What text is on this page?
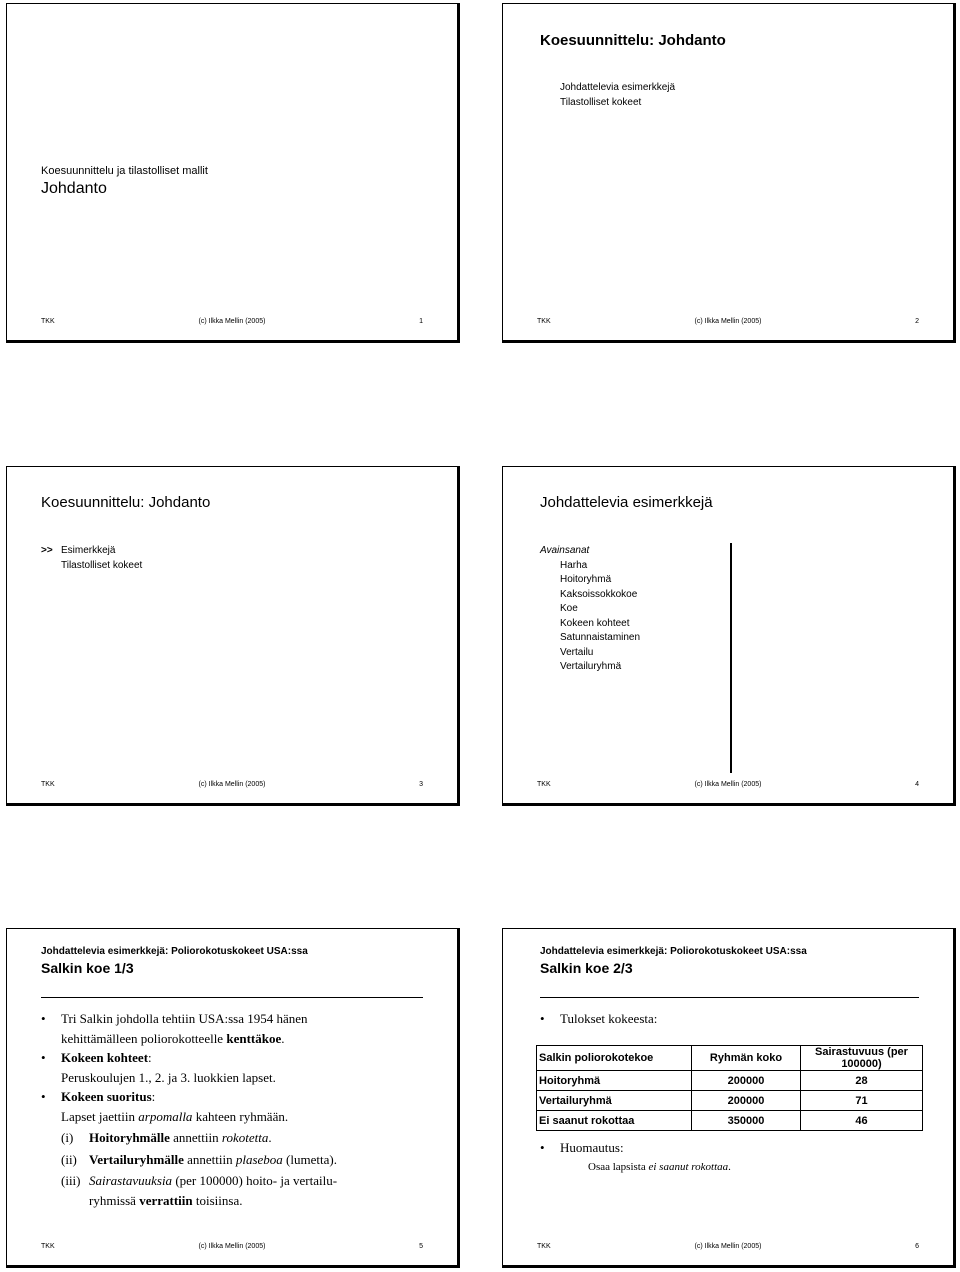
Koesuunnittelu ja tilastolliset mallit
Johdanto
TKK	(c) Ilkka Mellin (2005)	1
Koesuunnittelu: Johdanto
Johdattelevia esimerkkejä
Tilastolliset kokeet
TKK	(c) Ilkka Mellin (2005)	2
Koesuunnittelu: Johdanto
>> Esimerkkejä
Tilastolliset kokeet
TKK	(c) Ilkka Mellin (2005)	3
Johdattelevia esimerkkejä
Avainsanat
Harha
Hoitoryhmä
Kaksoissokkokoe
Koe
Kokeen kohteet
Satunnaistaminen
Vertailu
Vertailuryhmä
TKK	(c) Ilkka Mellin (2005)	4
Johdattelevia esimerkkejä: Poliorokotuskokeet USA:ssa
Salkin koe 1/3
• Tri Salkin johdolla tehtiin USA:ssa 1954 hänen
kehittämälleen poliorokotteelle kenttäkoe.
• Kokeen kohteet:
Peruskoulujen 1., 2. ja 3. luokkien lapset.
• Kokeen suoritus:
Lapset jaettiin arpomalla kahteen ryhmään.
(i) Hoitoryhmälle annettiin rokotetta.
(ii) Vertailuryhmälle annettiin plaseboa (lumetta).
(iii) Sairastavuuksia (per 100000) hoito- ja vertailu-
ryhmissä verrattiin toisiinsa.
TKK	(c) Ilkka Mellin (2005)	5
Johdattelevia esimerkkejä: Poliorokotuskokeet USA:ssa
Salkin koe 2/3
• Tulokset kokeesta:
Salkin poliorokotekoe	Ryhmän koko	Sairastuvuus (per 100000)
Hoitoryhmä	200000	28
Vertailuryhmä	200000	71
Ei saanut rokottaa	350000	46
• Huomautus:
Osaa lapsista ei saanut rokottaa.
TKK	(c) Ilkka Mellin (2005)	6
